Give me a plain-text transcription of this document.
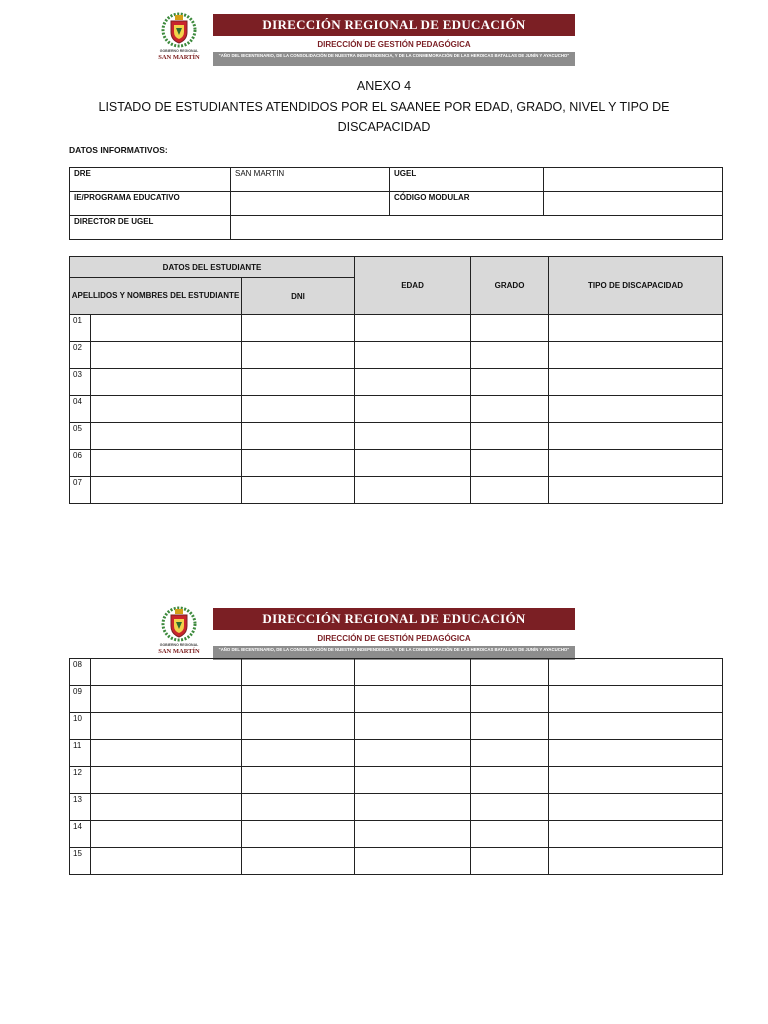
GOBIERNO REGIONAL
SAN MARTÍN
DIRECCIÓN REGIONAL DE EDUCACIÓN
DIRECCIÓN DE GESTIÓN PEDAGÓGICA
"AÑO DEL BICENTENARIO, DE LA CONSOLIDACIÓN DE NUESTRA INDEPENDENCIA, Y DE LA CONMEMORACIÓN DE LAS HEROICAS BATALLAS DE JUNÍN Y AYACUCHO"
ANEXO 4
LISTADO DE ESTUDIANTES ATENDIDOS POR EL SAANEE POR EDAD, GRADO, NIVEL Y TIPO DE DISCAPACIDAD
DATOS INFORMATIVOS:
DRE	SAN MARTIN	UGEL	
IE/PROGRAMA EDUCATIVO		CÓDIGO MODULAR	
DIRECTOR DE UGEL			
DATOS DEL ESTUDIANTE			EDAD	GRADO	TIPO DE DISCAPACIDAD
APELLIDOS Y NOMBRES DEL ESTUDIANTE		DNI			
01					
02					
03					
04					
05					
06					
07					
GOBIERNO REGIONAL
SAN MARTÍN
DIRECCIÓN REGIONAL DE EDUCACIÓN
DIRECCIÓN DE GESTIÓN PEDAGÓGICA
"AÑO DEL BICENTENARIO, DE LA CONSOLIDACIÓN DE NUESTRA INDEPENDENCIA, Y DE LA CONMEMORACIÓN DE LAS HEROICAS BATALLAS DE JUNÍN Y AYACUCHO"
08					
09					
10					
11					
12					
13					
14					
15					
